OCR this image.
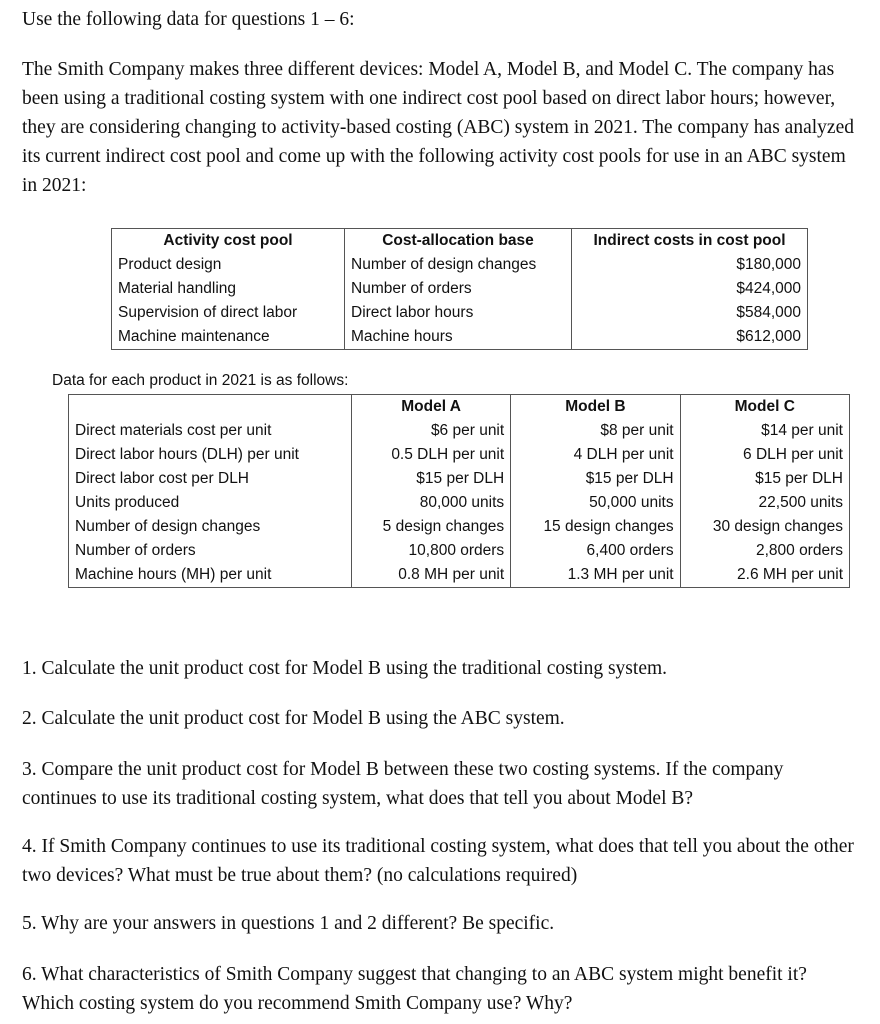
Use the following data for questions 1 – 6:

The Smith Company makes three different devices: Model A, Model B, and Model C. The company has been using a traditional costing system with one indirect cost pool based on direct labor hours; however, they are considering changing to activity-based costing (ABC) system in 2021. The company has analyzed its current indirect cost pool and come up with the following activity cost pools for use in an ABC system in 2021:

Activity cost pool	Cost-allocation base	Indirect costs in cost pool
Product design	Number of design changes	$180,000
Material handling	Number of orders	$424,000
Supervision of direct labor	Direct labor hours	$584,000
Machine maintenance	Machine hours	$612,000

Data for each product in 2021 is as follows:

	Model A	Model B	Model C
Direct materials cost per unit	$6 per unit	$8 per unit	$14 per unit
Direct labor hours (DLH) per unit	0.5 DLH per unit	4 DLH per unit	6 DLH per unit
Direct labor cost per DLH	$15 per DLH	$15 per DLH	$15 per DLH
Units produced	80,000 units	50,000 units	22,500 units
Number of design changes	5 design changes	15 design changes	30 design changes
Number of orders	10,800 orders	6,400 orders	2,800 orders
Machine hours (MH) per unit	0.8 MH per unit	1.3 MH per unit	2.6 MH per unit

1. Calculate the unit product cost for Model B using the traditional costing system.

2. Calculate the unit product cost for Model B using the ABC system.

3. Compare the unit product cost for Model B between these two costing systems. If the company continues to use its traditional costing system, what does that tell you about Model B?

4. If Smith Company continues to use its traditional costing system, what does that tell you about the other two devices? What must be true about them? (no calculations required)

5. Why are your answers in questions 1 and 2 different? Be specific.

6. What characteristics of Smith Company suggest that changing to an ABC system might benefit it? Which costing system do you recommend Smith Company use? Why?
